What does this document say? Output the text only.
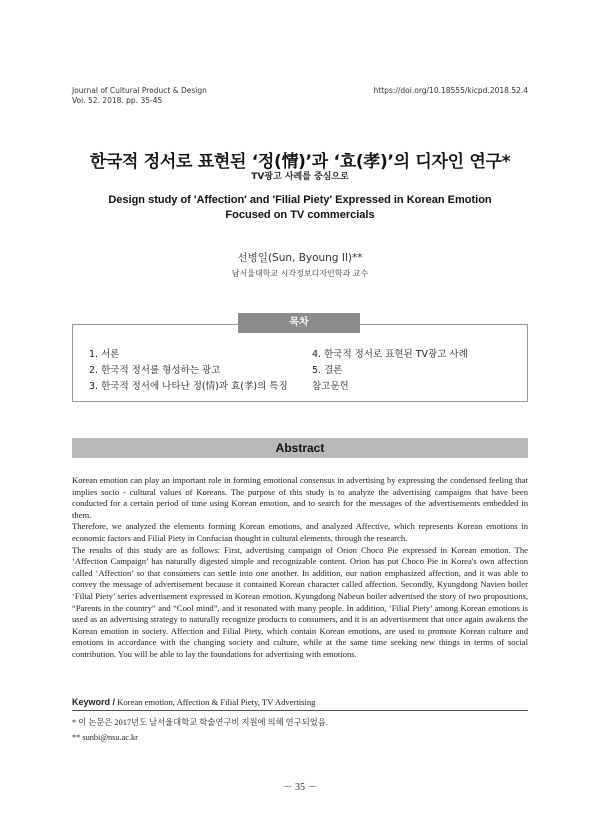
Journal of Cultural Product & Design
Vol. 52. 2018. pp. 35-45
https://doi.org/10.18555/kicpd.2018.52.4
한국적 정서로 표현된 ‘정(情)’과 ‘효(孝)’의 디자인 연구*
TV광고 사례를 중심으로
Design study of 'Affection' and 'Filial Piety' Expressed in Korean Emotion
Focused on TV commercials
선병일(Sun, Byoung Il)**
남서울대학교 시각정보디자인학과 교수
목차
1. 서론
2. 한국적 정서를 형성하는 광고
3. 한국적 정서에 나타난 정(情)과 효(孝)의 특징
4. 한국적 정서로 표현된 TV광고 사례
5. 결론
참고문헌
Abstract

Korean emotion can play an important role in forming emotional consensus in advertising by expressing the condensed feeling that implies socio - cultural values of Koreans. The purpose of this study is to analyze the advertising campaigns that have been conducted for a certain period of time using Korean emotion, and to search for the messages of the advertisements embedded in them.

Therefore, we analyzed the elements forming Korean emotions, and analyzed Affective, which represents Korean emotions in economic factors and Filial Piety in Confucian thought in cultural elements, through the research.

The results of this study are as follows: First, advertising campaign of Orion Choco Pie expressed in Korean emotion. The ‘Affection Campaign’ has naturally digested simple and recognizable content. Orion has put Choco Pie in Korea's own affection called ‘Affection’ so that consumers can settle into one another. In addition, our nation emphasized affection, and it was able to convey the message of advertisement because it contained Korean character called affection. Secondly, Kyungdong Navien boiler ‘Filial Piety’ series advertisement expressed in Korean emotion. Kyungdong Nabeun boiler advertised the story of two propositions, “Parents in the country” and “Cool mind”, and it resonated with many people. In addition, ‘Filial Piety’ among Korean emotions is used as an advertising strategy to naturally recognize products to consumers, and it is an advertisement that once again awakens the Korean emotion in society. Affection and Filial Piety, which contain Korean emotions, are used to promote Korean culture and emotions in accordance with the changing society and culture, while at the same time seeking new things in terms of social contribution. You will be able to lay the foundations for advertising with emotions.

Keyword / Korean emotion, Affection & Filial Piety, TV Advertising
* 이 논문은 2017년도 남서울대학교 학술연구비 지원에 의해 연구되었음.
** sunbi@nsu.ac.kr
－ 35 －
